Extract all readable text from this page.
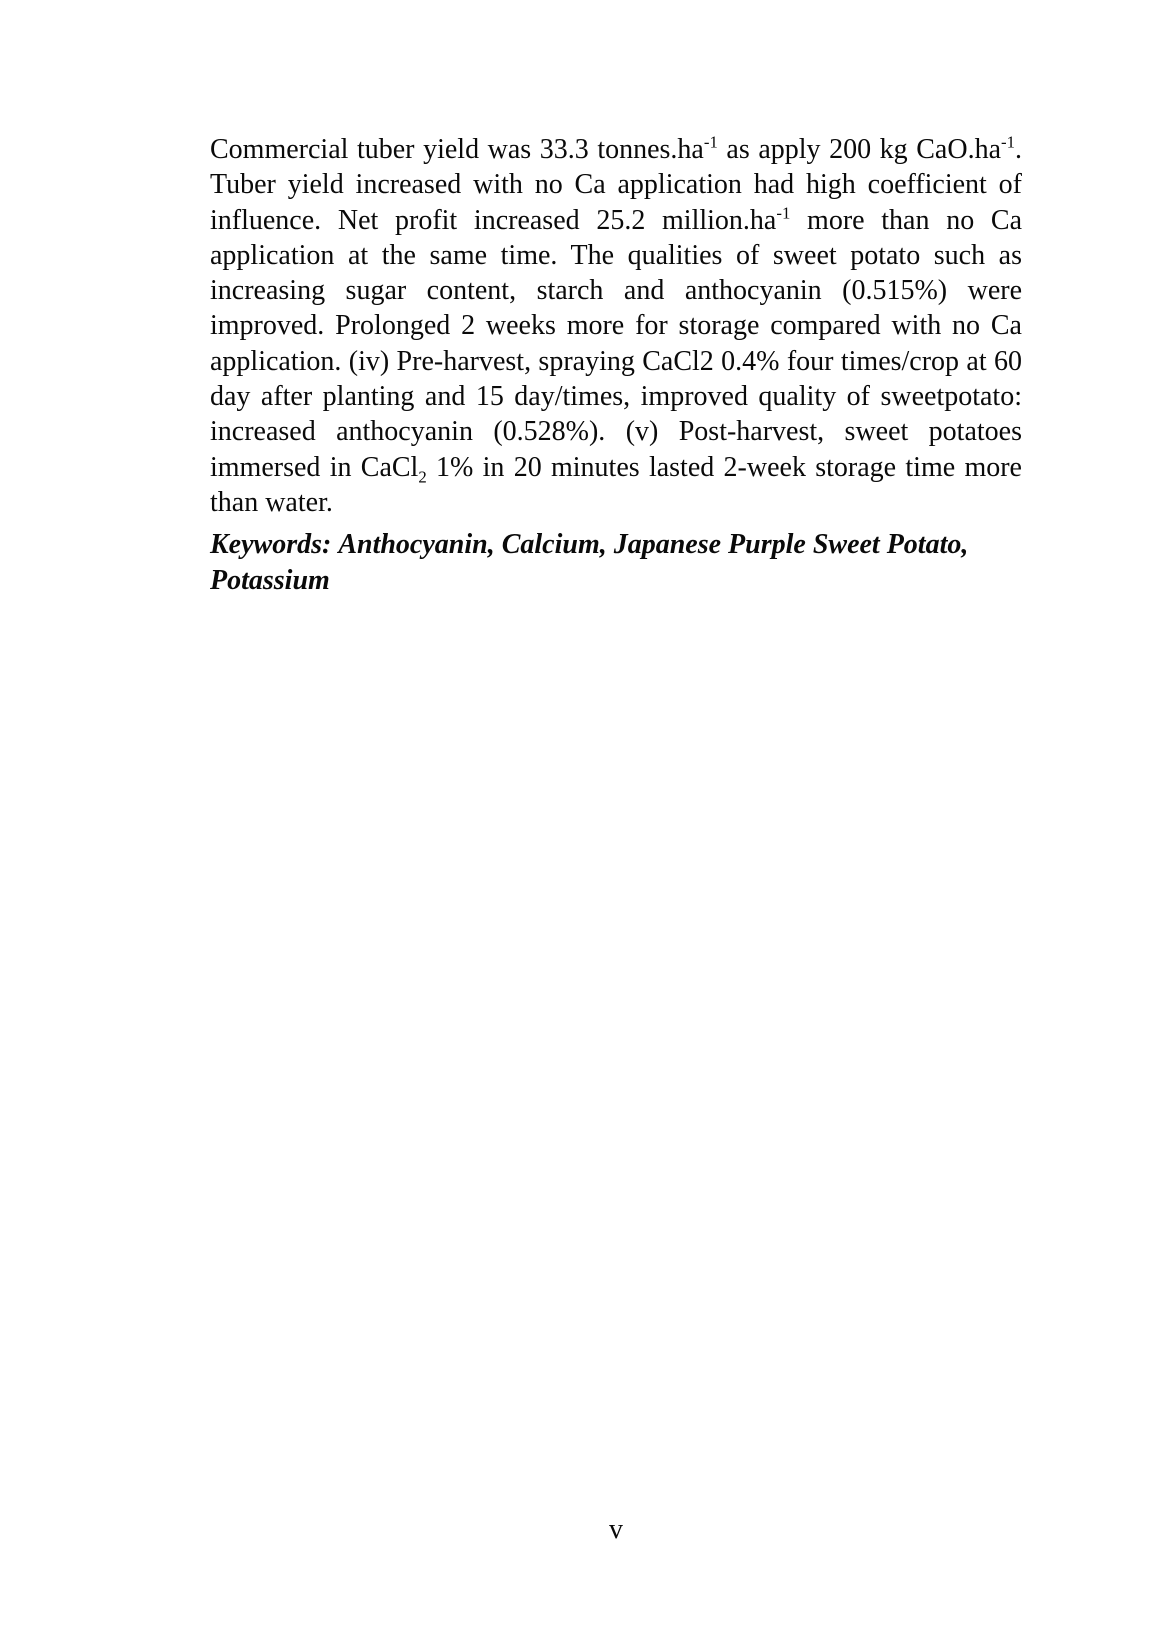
Commercial tuber yield was 33.3 $tonnes.ha^{-1}$ as apply 200 kg $CaO.ha^{-1}$. Tuber yield increased with no Ca application had high coefficient of influence. Net profit increased 25.2 $million.ha^{-1}$ more than no Ca application at the same time. The qualities of sweet potato such as increasing sugar content, starch and anthocyanin (0.515%) were improved. Prolonged 2 weeks more for storage compared with no Ca application. (iv) Pre-harvest, spraying CaCl2 0.4% four times/crop at 60 day after planting and 15 day/times, improved quality of sweetpotato: increased anthocyanin (0.528%). (v) Post-harvest, sweet potatoes immersed in CaCl$_2$ 1% in 20 minutes lasted 2-week storage time more than water.

Keywords: Anthocyanin, Calcium, Japanese Purple Sweet Potato, Potassium

v
